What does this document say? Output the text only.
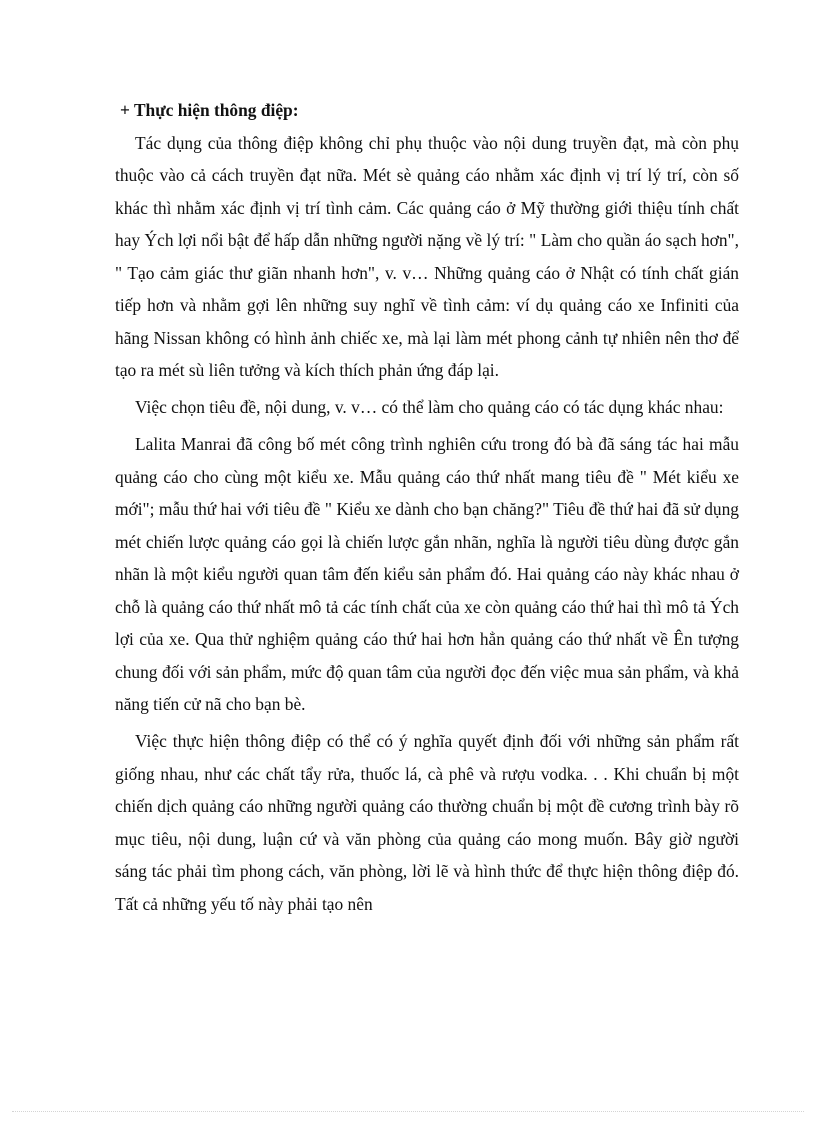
+ Thực hiện thông điệp:

Tác dụng của thông điệp không chỉ phụ thuộc vào nội dung truyền đạt, mà còn phụ thuộc vào cả cách truyền đạt nữa. Mét sè quảng cáo nhằm xác định vị trí lý trí, còn số khác thì nhằm xác định vị trí tình cảm. Các quảng cáo ở Mỹ thường giới thiệu tính chất hay Ých lợi nổi bật để hấp dẫn những người nặng về lý trí: " Làm cho quần áo sạch hơn", " Tạo cảm giác thư giãn nhanh hơn", v. v… Những quảng cáo ở Nhật có tính chất gián tiếp hơn và nhằm gợi lên những suy nghĩ về tình cảm: ví dụ quảng cáo xe Infiniti của hãng Nissan không có hình ảnh chiếc xe, mà lại làm mét phong cảnh tự nhiên nên thơ để tạo ra mét sù liên tưởng và kích thích phản ứng đáp lại.

Việc chọn tiêu đề, nội dung, v. v… có thể làm cho quảng cáo có tác dụng khác nhau:

Lalita Manrai đã công bố mét công trình nghiên cứu trong đó bà đã sáng tác hai mẫu quảng cáo cho cùng một kiểu xe. Mẫu quảng cáo thứ nhất mang tiêu đề " Mét kiểu xe mới"; mẫu thứ hai với tiêu đề " Kiểu xe dành cho bạn chăng?" Tiêu đề thứ hai đã sử dụng mét chiến lược quảng cáo gọi là chiến lược gắn nhãn, nghĩa là người tiêu dùng được gắn nhãn là một kiểu người quan tâm đến kiểu sản phẩm đó. Hai quảng cáo này khác nhau ở chỗ là quảng cáo thứ nhất mô tả các tính chất của xe còn quảng cáo thứ hai thì mô tả Ých lợi của xe. Qua thử nghiệm quảng cáo thứ hai hơn hẳn quảng cáo thứ nhất về Ên tượng chung đối với sản phẩm, mức độ quan tâm của người đọc đến việc mua sản phẩm, và khả năng tiến cử nã cho bạn bè.

Việc thực hiện thông điệp có thể có ý nghĩa quyết định đối với những sản phẩm rất giống nhau, như các chất tẩy rửa, thuốc lá, cà phê và rượu vodka. . . Khi chuẩn bị một chiến dịch quảng cáo những người quảng cáo thường chuẩn bị một đề cương trình bày rõ mục tiêu, nội dung, luận cứ và văn phòng của quảng cáo mong muốn. Bây giờ người sáng tác phải tìm phong cách, văn phòng, lời lẽ và hình thức để thực hiện thông điệp đó. Tất cả những yếu tố này phải tạo nên
